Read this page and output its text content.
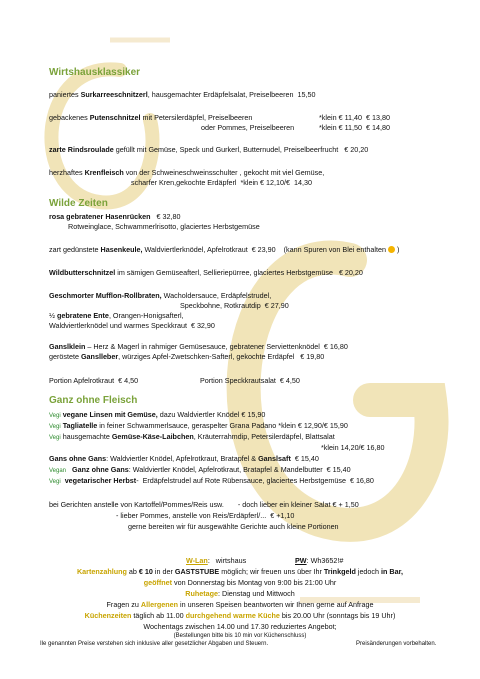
Wirtshausklassiker
paniertes Surkarreeschnitzerl, hausgemachter Erdäpfelsalat, Preiselbeeren  15,50
gebackenes Putenschnitzel mit Petersilerdäpfel, Preiselbeeren	*klein € 11,40  € 13,80
oder Pommes, Preiselbeeren	*klein € 11,50  € 14,80
zarte Rindsroulade gefüllt mit Gemüse, Speck und Gurkerl, Butternudel, Preiselbeerfrucht   € 20,20
herzhaftes Krenfleisch von der Schweineschweinsschulter , gekocht mit viel Gemüse,
scharfer Kren,gekochte Erdäpferl  *klein € 12,10/€  14,30
Wilde Zeiten
rosa gebratener Hasenrücken   € 32,80
Rotweinglace, Schwammerlrisotto, glaciertes Herbstgemüse
zart gedünstete Hasenkeule, Waldviertlerknödel, Apfelrotkraut  € 23,90    (kann Spuren von Blei enthalten  )
Wildbutterschnitzel im sämigen Gemüseafterl, Sellieriepürree, glaciertes Herbstgemüse   € 20,20
Geschmorter Mufflon-Rollbraten, Wacholdersauce, Erdäpfelstrudel,
Speckbohne, Rotkrautdip  € 27,90
½ gebratene Ente, Orangen-Honigsafterl,
Waldviertlerknödel und warmes Speckkraut  € 32,90
Ganslklein – Herz & Magerl in rahmiger Gemüsesauce, gebratener Serviettenknödel  € 16,80
geröstete Ganslleber, würziges Apfel-Zwetschken-Safterl, gekochte Erdäpfel   € 19,80
Portion Apfelrotkraut  € 4,50	Portion Speckkrautsalat  € 4,50
Ganz ohne Fleisch
Vegi vegane Linsen mit Gemüse, dazu Waldviertler Knödel € 15,90
Vegi Tagliatelle in feiner Schwammerlsauce, geraspelter Grana Padano *klein € 12,90/€ 15,90
Vegi hausgemachte Gemüse-Käse-Laibchen, Kräuterrahmdip, Petersilerdäpfel, Blattsalat
*klein 14,20/€ 16,80
Gans ohne Gans: Waldviertler Knödel, Apfelrotkraut, Bratapfel & Ganslsaft  € 15,40
Vegan Ganz ohne Gans: Waldviertler Knödel, Apfelrotkraut, Bratapfel & Mandelbutter  € 15,40
Vegi vegetarischer Herbst-  Erdäpfelstrudel auf Rote Rübensauce, glaciertes Herbstgemüse  € 16,80
bei Gerichten anstelle von Kartoffel/Pommes/Reis usw.       - doch lieber ein kleiner Salat € + 1,50
- lieber Pommes, anstelle von Reis/Erdäpferl/...  € +1,10
gerne bereiten wir für ausgewählte Gerichte auch kleine Portionen
W-Lan:   wirtshaus	PW: Wh3652!#
Kartenzahlung ab € 10 in der GASTSTUBE möglich; wir freuen uns über Ihr Trinkgeld jedoch in Bar,
geöffnet von Donnerstag bis Montag von 9:00 bis 21:00 Uhr
Ruhetage: Dienstag und Mittwoch
Fragen zu Allergenen in unseren Speisen beantworten wir Ihnen gerne auf Anfrage
Küchenzeiten täglich ab 11.00 durchgehend warme Küche bis 20.00 Uhr (sonntags bis 19 Uhr)
Wochentags zwischen 14.00 und 17.30 reduziertes Angebot;
(Bestellungen bitte bis 10 min vor Küchenschluss)
Ile genannten Preise verstehen sich inklusive aller gesetzlicher Abgaben und Steuern.	Preisänderungen vorbehalten.
